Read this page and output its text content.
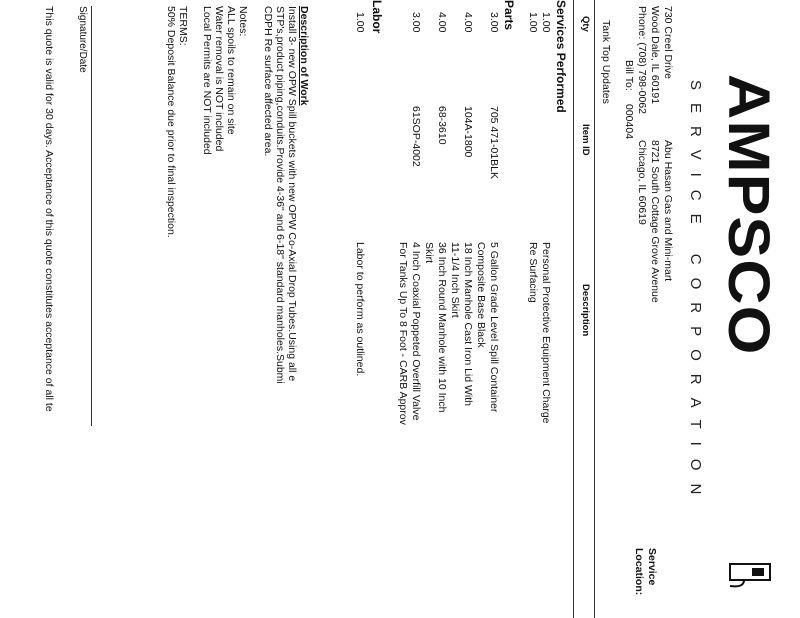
AMPSCO
SERVICE CORPORATION
730 Creel Drive
Wood Dale, IL 60191
Phone: (708) 798-0062
Abu Hasan Gas and Mini-mart
8721 South Cottage Grove Avenue
Chicago, IL 60619
Bill To:
000404
Service
Location:
Tank Top Updates
Qty
Item ID
Description
Services Performed
1.00
Personal Protective Equipment Charge
1.00
Re Surfacing
Parts
3.00
705 471-01BLK
5 Gallon Grade Level Spill Container
Composite Base Black
4.00
104A-1800
18 Inch Manhole Cast Iron Lid With
11-1/4 Inch Skirt
4.00
68-3610
36 Inch Round Manhole with 10 Inch
Skirt
3.00
61SOP-4002
4 Inch Coaxial Poppeted Overfill Valve
For Tanks Up To 8 Foot - CARB Approv
Labor
1.00
Labor to perform as outlined.
Description of Work
Install 3- new OPW Spill buckets with new OPW Co-Axial Drop Tubes.Using all e
STP's,product piping,conduits.Provide 4-36" and 6-18" standard manholes.Submi
CDPH Re surface affected area.
Notes:
ALL spoils to remain on site
Water removal is NOT included
Local Permits are NOT included
TERMS:
50% Deposit Balance due prior to final inspection.
Signature/Date
This quote is valid for 30 days. Acceptance of this quote constitutes acceptance of all te
